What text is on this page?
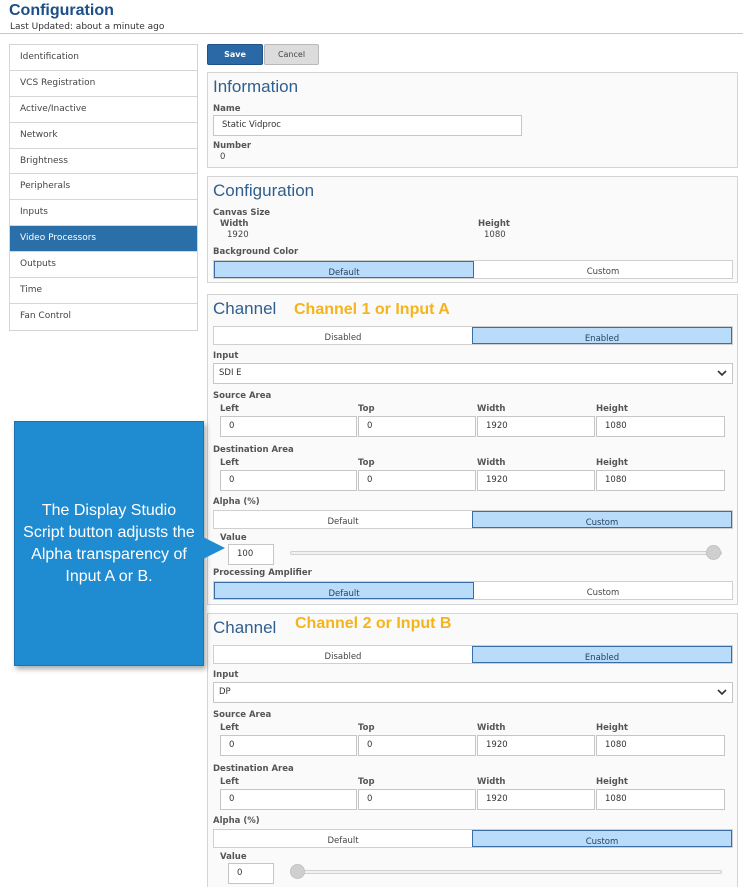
Configuration
Last Updated: about a minute ago
Identification
VCS Registration
Active/Inactive
Network
Brightness
Peripherals
Inputs
Video Processors
Outputs
Time
Fan Control
Save	Cancel
Information
Name
Static Vidproc
Number
0
Configuration
Canvas Size
Width
1920
Height
1080
Background Color
Default	Custom
Channel Channel 1 or Input A
Disabled	Enabled
Input
SDI E
Source Area
Left	Top	Width	Height
0	0	1920	1080
Destination Area
Left	Top	Width	Height
0	0	1920	1080
Alpha (%)
Default	Custom
Value
100
Processing Amplifier
Default	Custom
Channel Channel 2 or Input B
Disabled	Enabled
Input
DP
Source Area
Left	Top	Width	Height
0	0	1920	1080
Destination Area
Left	Top	Width	Height
0	0	1920	1080
Alpha (%)
Default	Custom
Value
0
The Display Studio Script button adjusts the Alpha transparency of Input A or B.
